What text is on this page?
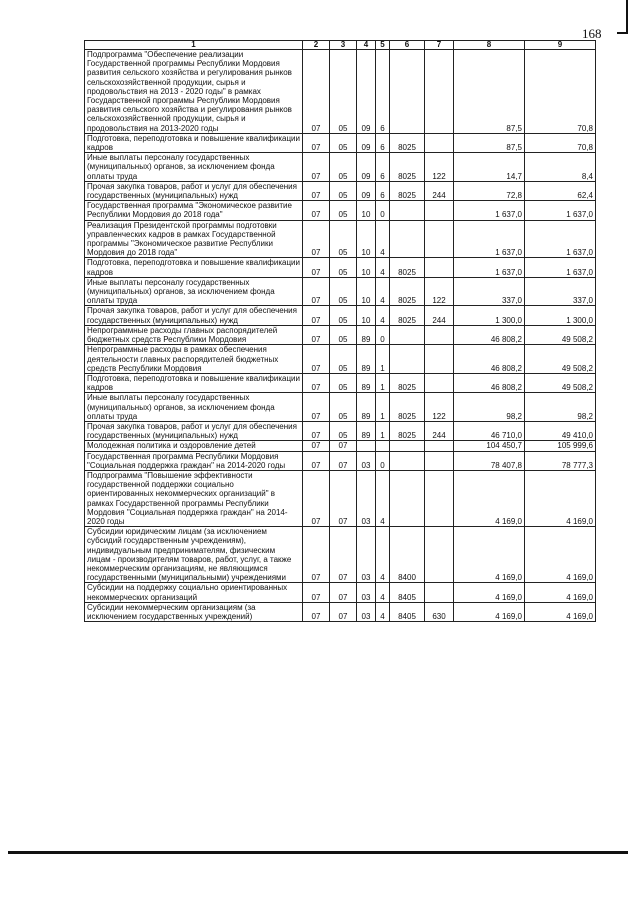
168
1	2	3	4	5	6	7	8	9
Подпрограмма "Обеспечение реализации Государственной программы Республики Мордовия развития сельского хозяйства и регулирования рынков сельскохозяйственной продукции, сырья и продовольствия на 2013 - 2020 годы" в рамках Государственной программы Республики Мордовия развития сельского хозяйства и регулирования рынков сельскохозяйственной продукции, сырья и продовольствия на 2013-2020 годы	07	05	09	6			87,5	70,8
Подготовка, переподготовка и повышение квалификации кадров	07	05	09	6	8025		87,5	70,8
Иные выплаты персоналу государственных (муниципальных) органов, за исключением фонда оплаты труда	07	05	09	6	8025	122	14,7	8,4
Прочая закупка товаров, работ и услуг для обеспечения государственных (муниципальных) нужд	07	05	09	6	8025	244	72,8	62,4
Государственная программа "Экономическое развитие Республики Мордовия до 2018 года"	07	05	10	0			1 637,0	1 637,0
Реализация Президентской программы подготовки управленческих кадров в рамках Государственной программы "Экономическое развитие Республики Мордовия до 2018 года"	07	05	10	4			1 637,0	1 637,0
Подготовка, переподготовка и повышение квалификации кадров	07	05	10	4	8025		1 637,0	1 637,0
Иные выплаты персоналу государственных (муниципальных) органов, за исключением фонда оплаты труда	07	05	10	4	8025	122	337,0	337,0
Прочая закупка товаров, работ и услуг для обеспечения государственных (муниципальных) нужд	07	05	10	4	8025	244	1 300,0	1 300,0
Непрограммные расходы главных распорядителей бюджетных средств Республики Мордовия	07	05	89	0			46 808,2	49 508,2
Непрограммные расходы в рамках обеспечения деятельности главных распорядителей бюджетных средств Республики Мордовия	07	05	89	1			46 808,2	49 508,2
Подготовка, переподготовка и повышение квалификации кадров	07	05	89	1	8025		46 808,2	49 508,2
Иные выплаты персоналу государственных (муниципальных) органов, за исключением фонда оплаты труда	07	05	89	1	8025	122	98,2	98,2
Прочая закупка товаров, работ и услуг для обеспечения государственных (муниципальных) нужд	07	05	89	1	8025	244	46 710,0	49 410,0
Молодежная политика и оздоровление детей	07	07					104 450,7	105 999,6
Государственная программа Республики Мордовия "Социальная поддержка граждан" на 2014-2020 годы	07	07	03	0			78 407,8	78 777,3
Подпрограмма "Повышение эффективности государственной поддержки социально ориентированных некоммерческих организаций" в рамках Государственной программы Республики Мордовия "Социальная поддержка граждан" на 2014-2020 годы	07	07	03	4			4 169,0	4 169,0
Субсидии юридическим лицам (за исключением субсидий государственным учреждениям), индивидуальным предпринимателям, физическим лицам - производителям товаров, работ, услуг, а также некоммерческим организациям, не являющимся государственными (муниципальными) учреждениями	07	07	03	4	8400		4 169,0	4 169,0
Субсидии на поддержку социально ориентированных некоммерческих организаций	07	07	03	4	8405		4 169,0	4 169,0
Субсидии некоммерческим организациям (за исключением государственных учреждений)	07	07	03	4	8405	630	4 169,0	4 169,0
